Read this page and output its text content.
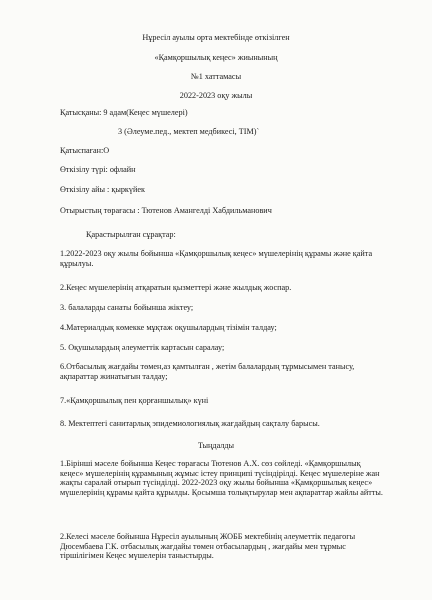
Нұресіл ауылы орта мектебінде өткізілген
«Қамқоршылық кеңес» жиынының
№1 хаттамасы
2022-2023 оқу жылы
Қатысқаны: 9 адам(Кеңес мүшелері)
3 (Әлеуме.пед., мектеп медбикесі, ТІМ)`
Қатыспаған:О
Өткізілу түрі: офлайн
Өткізілу айы : қыркүйек
Отырыстың төрағасы : Тютенов Амангелді Хабдильманович
Қарастырылған сұрақтар:
1.2022-2023 оқу жылы бойынша «Қамқоршылық кеңес» мүшелерінің құрамы және қайта құрылуы.
2.Кеңес мүшелерінің атқаратын қызметтері және жылдық жоспар.
3. балаларды санаты бойынша жіктеу;
4.Материалдық көмекке мұқтаж оқушылардың тізімін талдау;
5. Оқушылардың әлеуметтік картасын саралау;
6.Отбасылық жағдайы төмен,аз қамтылған , жетім балалардың тұрмысымен танысу, ақпараттар жинатығын талдау;
7.«Қамқоршылық пен қорғаншылық» күні
8. Мектептегі санитарлық эпидемиологиялық жағдайдың сақталу барысы.
Тыңдалды
1.Бірінші мәселе бойынша Кеңес төрағасы Тютенов А.Х. сөз сөйледі. «Қамқоршылық кеңес» мүшелерінің құрамының жұмыс істеу принципі түсіндірілді. Кеңес мүшелеріне жан жақты саралай отырып түсінділді. 2022-2023 оқу жылы бойынша «Қамқоршылық кеңес» мүшелерінің құрамы қайта құрылды. Қосымша толықтырулар мен ақпараттар жайлы айтты.
2.Келесі мәселе бойынша Нұресіл ауылының ЖОББ мектебінің әлеуметтік педагогы Дюсембаева Г.К. отбасылық жағдайы төмен отбасылардың , жағдайы мен тұрмыс тіршілігімен Кеңес мүшелерін таныстырды.
